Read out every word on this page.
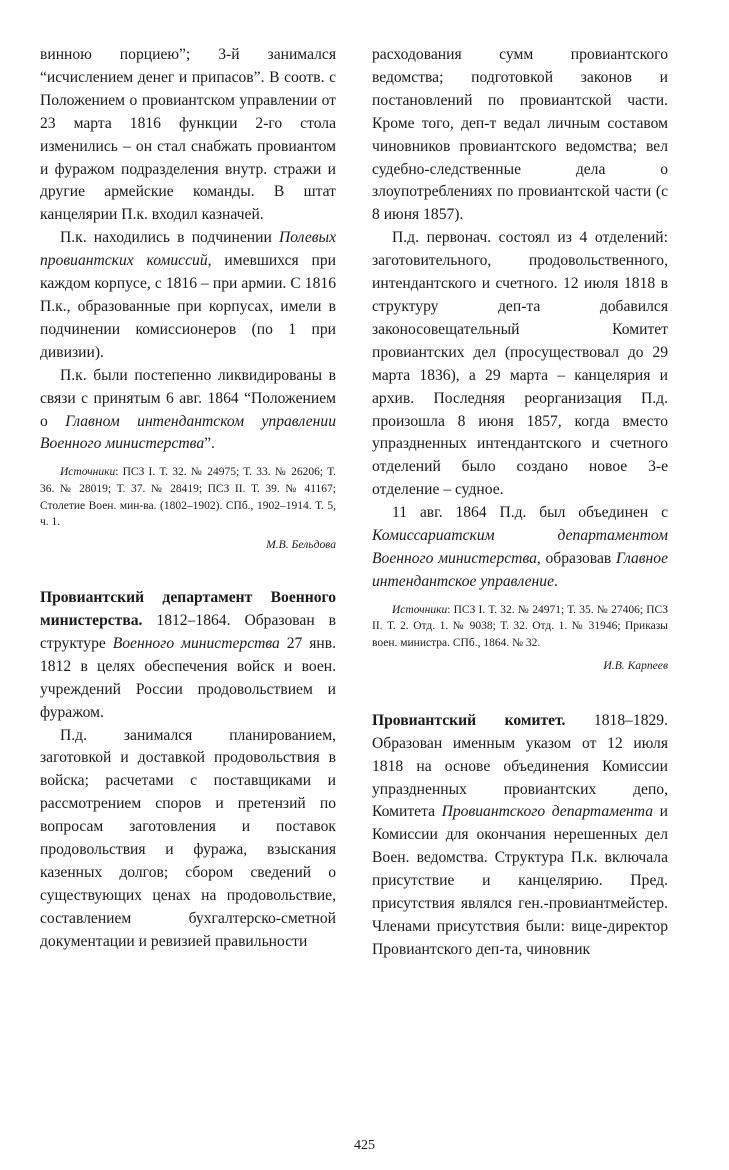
винною порциею”; 3-й занимался “исчислением денег и припасов”. В соотв. с Положением о провиантском управлении от 23 марта 1816 функции 2-го стола изменились – он стал снабжать провиантом и фуражом подразделения внутр. стражи и другие армейские команды. В штат канцелярии П.к. входил казначей.

П.к. находились в подчинении Полевых провиантских комиссий, имевшихся при каждом корпусе, с 1816 – при армии. С 1816 П.к., образованные при корпусах, имели в подчинении комиссионеров (по 1 при дивизии).

П.к. были постепенно ликвидированы в связи с принятым 6 авг. 1864 “Положением о Главном интендантском управлении Военного министерства”.

Источники: ПСЗ I. Т. 32. № 24975; Т. 33. № 26206; Т. 36. № 28019; Т. 37. № 28419; ПСЗ II. Т. 39. № 41167; Столетие Воен. мин-ва. (1802–1902). СПб., 1902–1914. Т. 5, ч. 1.

М.В. Бельдова

Провиантский департамент Военного министерства. 1812–1864. Образован в структуре Военного министерства 27 янв. 1812 в целях обеспечения войск и воен. учреждений России продовольствием и фуражом.

П.д. занимался планированием, заготовкой и доставкой продовольствия в войска; расчетами с поставщиками и рассмотрением споров и претензий по вопросам заготовления и поставок продовольствия и фуража, взыскания казенных долгов; сбором сведений о существующих ценах на продовольствие, составлением бухгалтерско-сметной документации и ревизией правильности

расходования сумм провиантского ведомства; подготовкой законов и постановлений по провиантской части. Кроме того, деп-т ведал личным составом чиновников провиантского ведомства; вел судебно-следственные дела о злоупотреблениях по провиантской части (с 8 июня 1857).

П.д. первонач. состоял из 4 отделений: заготовительного, продовольственного, интендантского и счетного. 12 июля 1818 в структуру деп-та добавился законосовещательный Комитет провиантских дел (просуществовал до 29 марта 1836), а 29 марта – канцелярия и архив. Последняя реорганизация П.д. произошла 8 июня 1857, когда вместо упраздненных интендантского и счетного отделений было создано новое 3-е отделение – судное.

11 авг. 1864 П.д. был объединен с Комиссариатским департаментом Военного министерства, образовав Главное интендантское управление.

Источники: ПСЗ I. Т. 32. № 24971; Т. 35. № 27406; ПСЗ II. Т. 2. Отд. 1. № 9038; Т. 32. Отд. 1. № 31946; Приказы воен. министра. СПб., 1864. № 32.

И.В. Карпеев

Провиантский комитет. 1818–1829. Образован именным указом от 12 июля 1818 на основе объединения Комиссии упраздненных провиантских депо, Комитета Провиантского департамента и Комиссии для окончания нерешенных дел Воен. ведомства. Структура П.к. включала присутствие и канцелярию. Пред. присутствия являлся ген.-провиантмейстер. Членами присутствия были: вице-директор Провиантского деп-та, чиновник

425
